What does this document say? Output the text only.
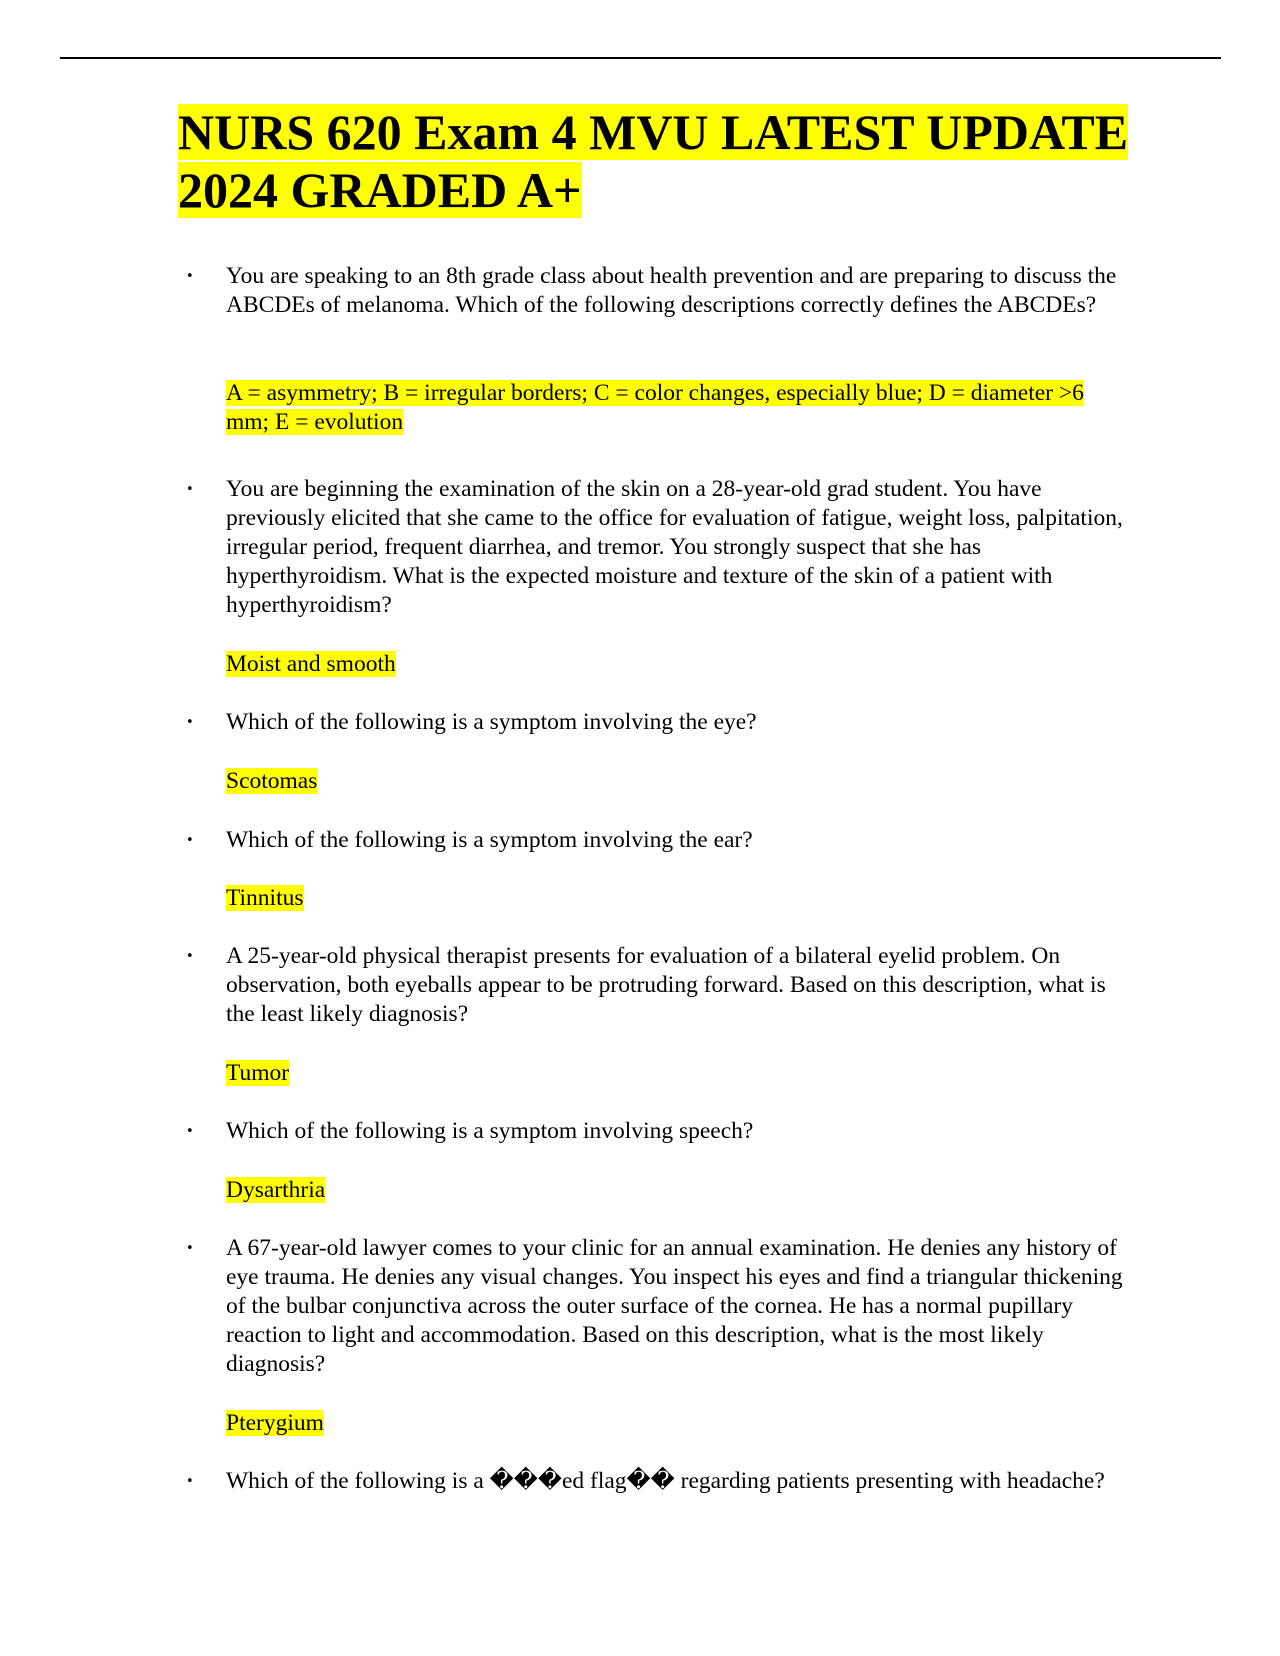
NURS 620 Exam 4 MVU LATEST UPDATE 2024 GRADED A+
• You are speaking to an 8th grade class about health prevention and are preparing to discuss the ABCDEs of melanoma. Which of the following descriptions correctly defines the ABCDEs?

A = asymmetry; B = irregular borders; C = color changes, especially blue; D = diameter >6 mm; E = evolution

• You are beginning the examination of the skin on a 28-year-old grad student. You have previously elicited that she came to the office for evaluation of fatigue, weight loss, palpitation, irregular period, frequent diarrhea, and tremor. You strongly suspect that she has hyperthyroidism. What is the expected moisture and texture of the skin of a patient with hyperthyroidism?

Moist and smooth

• Which of the following is a symptom involving the eye?

Scotomas

• Which of the following is a symptom involving the ear?

Tinnitus

• A 25-year-old physical therapist presents for evaluation of a bilateral eyelid problem. On observation, both eyeballs appear to be protruding forward. Based on this description, what is the least likely diagnosis?

Tumor

• Which of the following is a symptom involving speech?

Dysarthria

• A 67-year-old lawyer comes to your clinic for an annual examination. He denies any history of eye trauma. He denies any visual changes. You inspect his eyes and find a triangular thickening of the bulbar conjunctiva across the outer surface of the cornea. He has a normal pupillary reaction to light and accommodation. Based on this description, what is the most likely diagnosis?

Pterygium

• Which of the following is a ���ed flag�� regarding patients presenting with headache?
